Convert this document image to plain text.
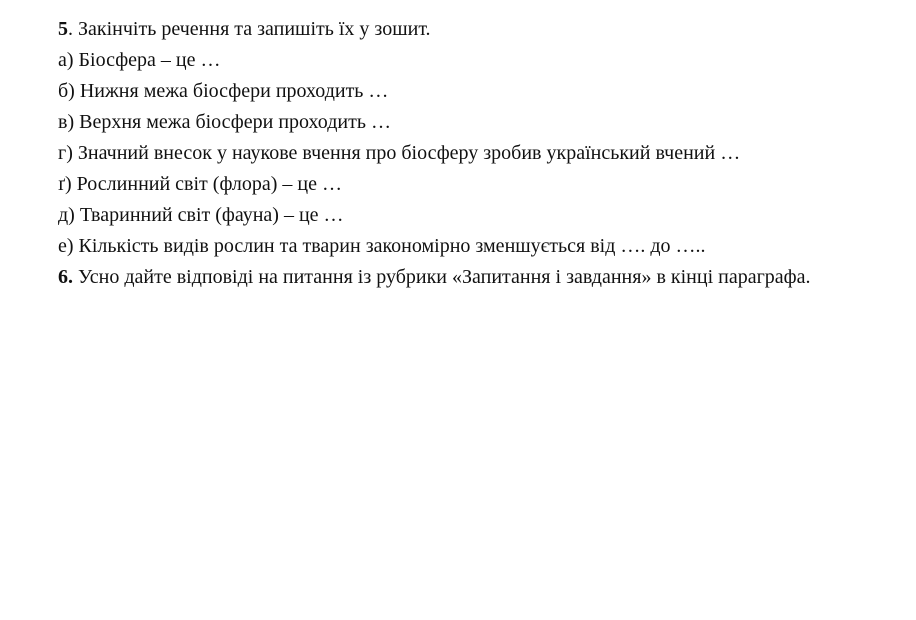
5. Закінчіть речення та запишіть їх у зошит.
а) Біосфера – це …
б) Нижня межа біосфери проходить …
в) Верхня межа біосфери проходить …
г) Значний внесок у наукове вчення про біосферу зробив український вчений …
ґ) Рослинний світ (флора) – це …
д) Тваринний світ (фауна) – це …
е) Кількість видів рослин та тварин закономірно зменшується від …. до …..
6. Усно дайте відповіді на питання із рубрики «Запитання і завдання» в кінці параграфа.
